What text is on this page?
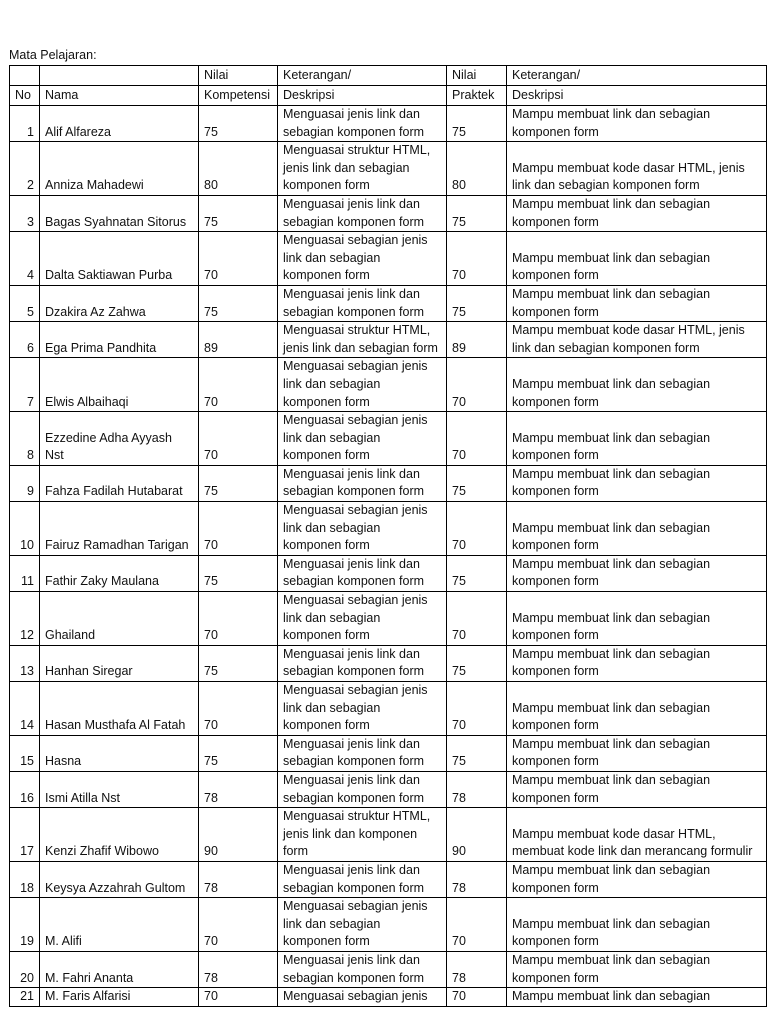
Mata Pelajaran:
		Nilai	Keterangan/	Nilai	Keterangan/
No	Nama	Kompetensi	Deskripsi	Praktek	Deskripsi
1	Alif Alfareza	75	Menguasai jenis link dan sebagian komponen form	75	Mampu membuat link dan sebagian komponen form
2	Anniza Mahadewi	80	Menguasai struktur HTML, jenis link dan sebagian komponen form	80	Mampu membuat kode dasar HTML, jenis link dan sebagian komponen form
3	Bagas Syahnatan Sitorus	75	Menguasai jenis link dan sebagian komponen form	75	Mampu membuat link dan sebagian komponen form
4	Dalta Saktiawan Purba	70	Menguasai sebagian jenis link dan sebagian komponen form	70	Mampu membuat link dan sebagian komponen form
5	Dzakira Az Zahwa	75	Menguasai jenis link dan sebagian komponen form	75	Mampu membuat link dan sebagian komponen form
6	Ega Prima Pandhita	89	Menguasai struktur HTML, jenis link dan sebagian form	89	Mampu membuat kode dasar HTML, jenis link dan sebagian komponen form
7	Elwis Albaihaqi	70	Menguasai sebagian jenis link dan sebagian komponen form	70	Mampu membuat link dan sebagian komponen form
8	Ezzedine Adha Ayyash Nst	70	Menguasai sebagian jenis link dan sebagian komponen form	70	Mampu membuat link dan sebagian komponen form
9	Fahza Fadilah Hutabarat	75	Menguasai jenis link dan sebagian komponen form	75	Mampu membuat link dan sebagian komponen form
10	Fairuz Ramadhan Tarigan	70	Menguasai sebagian jenis link dan sebagian komponen form	70	Mampu membuat link dan sebagian komponen form
11	Fathir Zaky Maulana	75	Menguasai jenis link dan sebagian komponen form	75	Mampu membuat link dan sebagian komponen form
12	Ghailand	70	Menguasai sebagian jenis link dan sebagian komponen form	70	Mampu membuat link dan sebagian komponen form
13	Hanhan Siregar	75	Menguasai jenis link dan sebagian komponen form	75	Mampu membuat link dan sebagian komponen form
14	Hasan Musthafa Al Fatah	70	Menguasai sebagian jenis link dan sebagian komponen form	70	Mampu membuat link dan sebagian komponen form
15	Hasna	75	Menguasai jenis link dan sebagian komponen form	75	Mampu membuat link dan sebagian komponen form
16	Ismi Atilla Nst	78	Menguasai jenis link dan sebagian komponen form	78	Mampu membuat link dan sebagian komponen form
17	Kenzi Zhafif Wibowo	90	Menguasai struktur HTML, jenis link dan komponen form	90	Mampu membuat kode dasar HTML, membuat kode link dan merancang formulir
18	Keysya Azzahrah Gultom	78	Menguasai jenis link dan sebagian komponen form	78	Mampu membuat link dan sebagian komponen form
19	M. Alifi	70	Menguasai sebagian jenis link dan sebagian komponen form	70	Mampu membuat link dan sebagian komponen form
20	M. Fahri Ananta	78	Menguasai jenis link dan sebagian komponen form	78	Mampu membuat link dan sebagian komponen form
21	M. Faris Alfarisi	70	Menguasai sebagian jenis	70	Mampu membuat link dan sebagian
